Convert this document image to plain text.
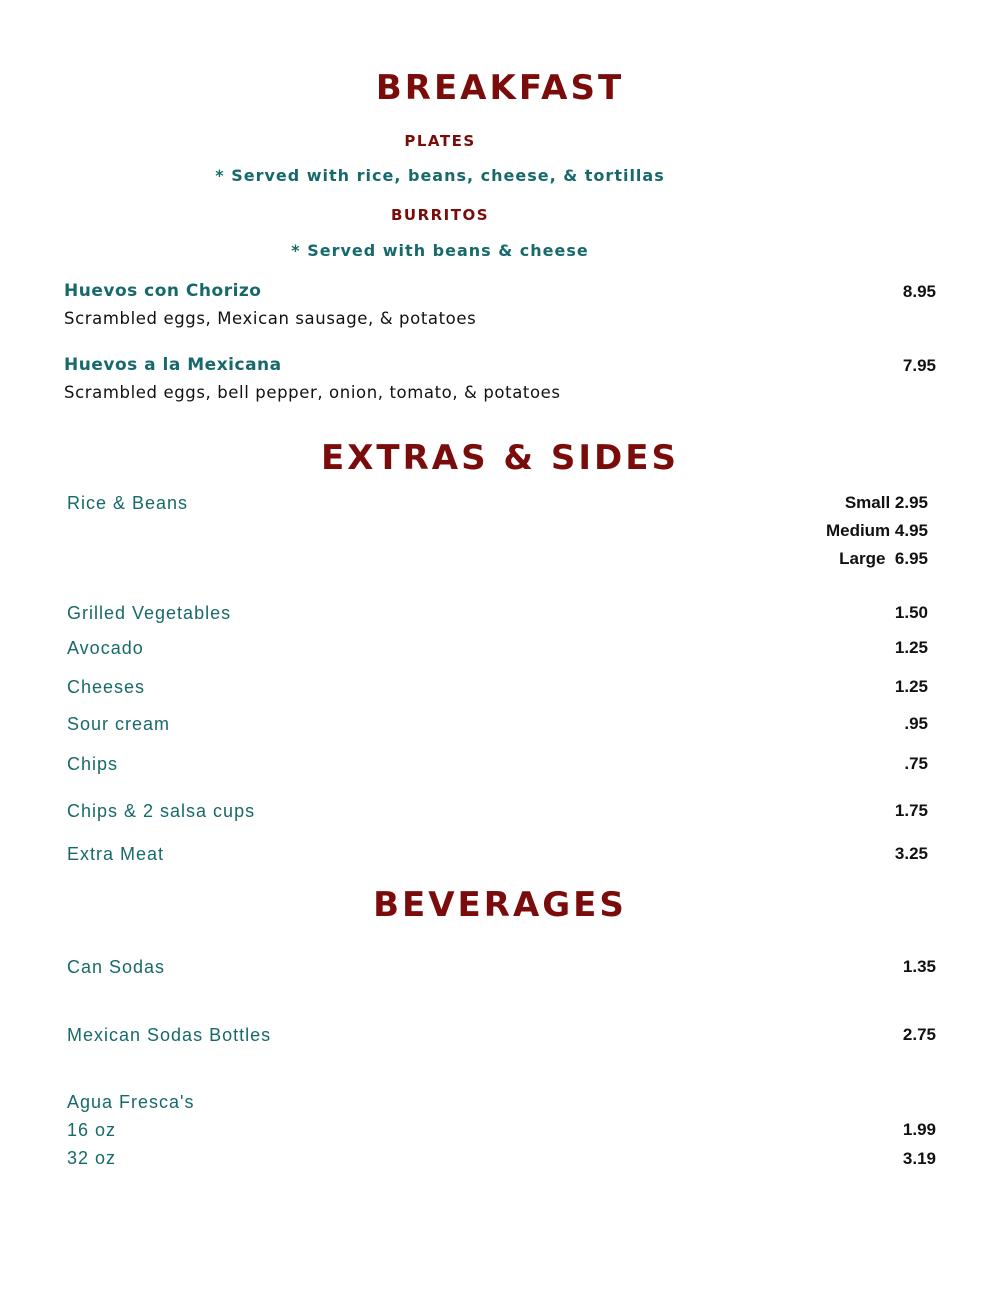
BREAKFAST
PLATES
* Served with rice, beans, cheese, & tortillas
BURRITOS
* Served with beans & cheese
Huevos con Chorizo	8.95
Scrambled eggs, Mexican sausage, & potatoes
Huevos a la Mexicana	7.95
Scrambled eggs, bell pepper, onion, tomato, & potatoes
EXTRAS & SIDES
Rice & Beans	Small 2.95
Medium 4.95
Large  6.95
Grilled Vegetables	1.50
Avocado	1.25
Cheeses	1.25
Sour cream	.95
Chips	.75
Chips & 2 salsa cups	1.75
Extra Meat	3.25
BEVERAGES
Can Sodas	1.35
Mexican Sodas Bottles	2.75
Agua Fresca's
16 oz	1.99
32 oz	3.19
